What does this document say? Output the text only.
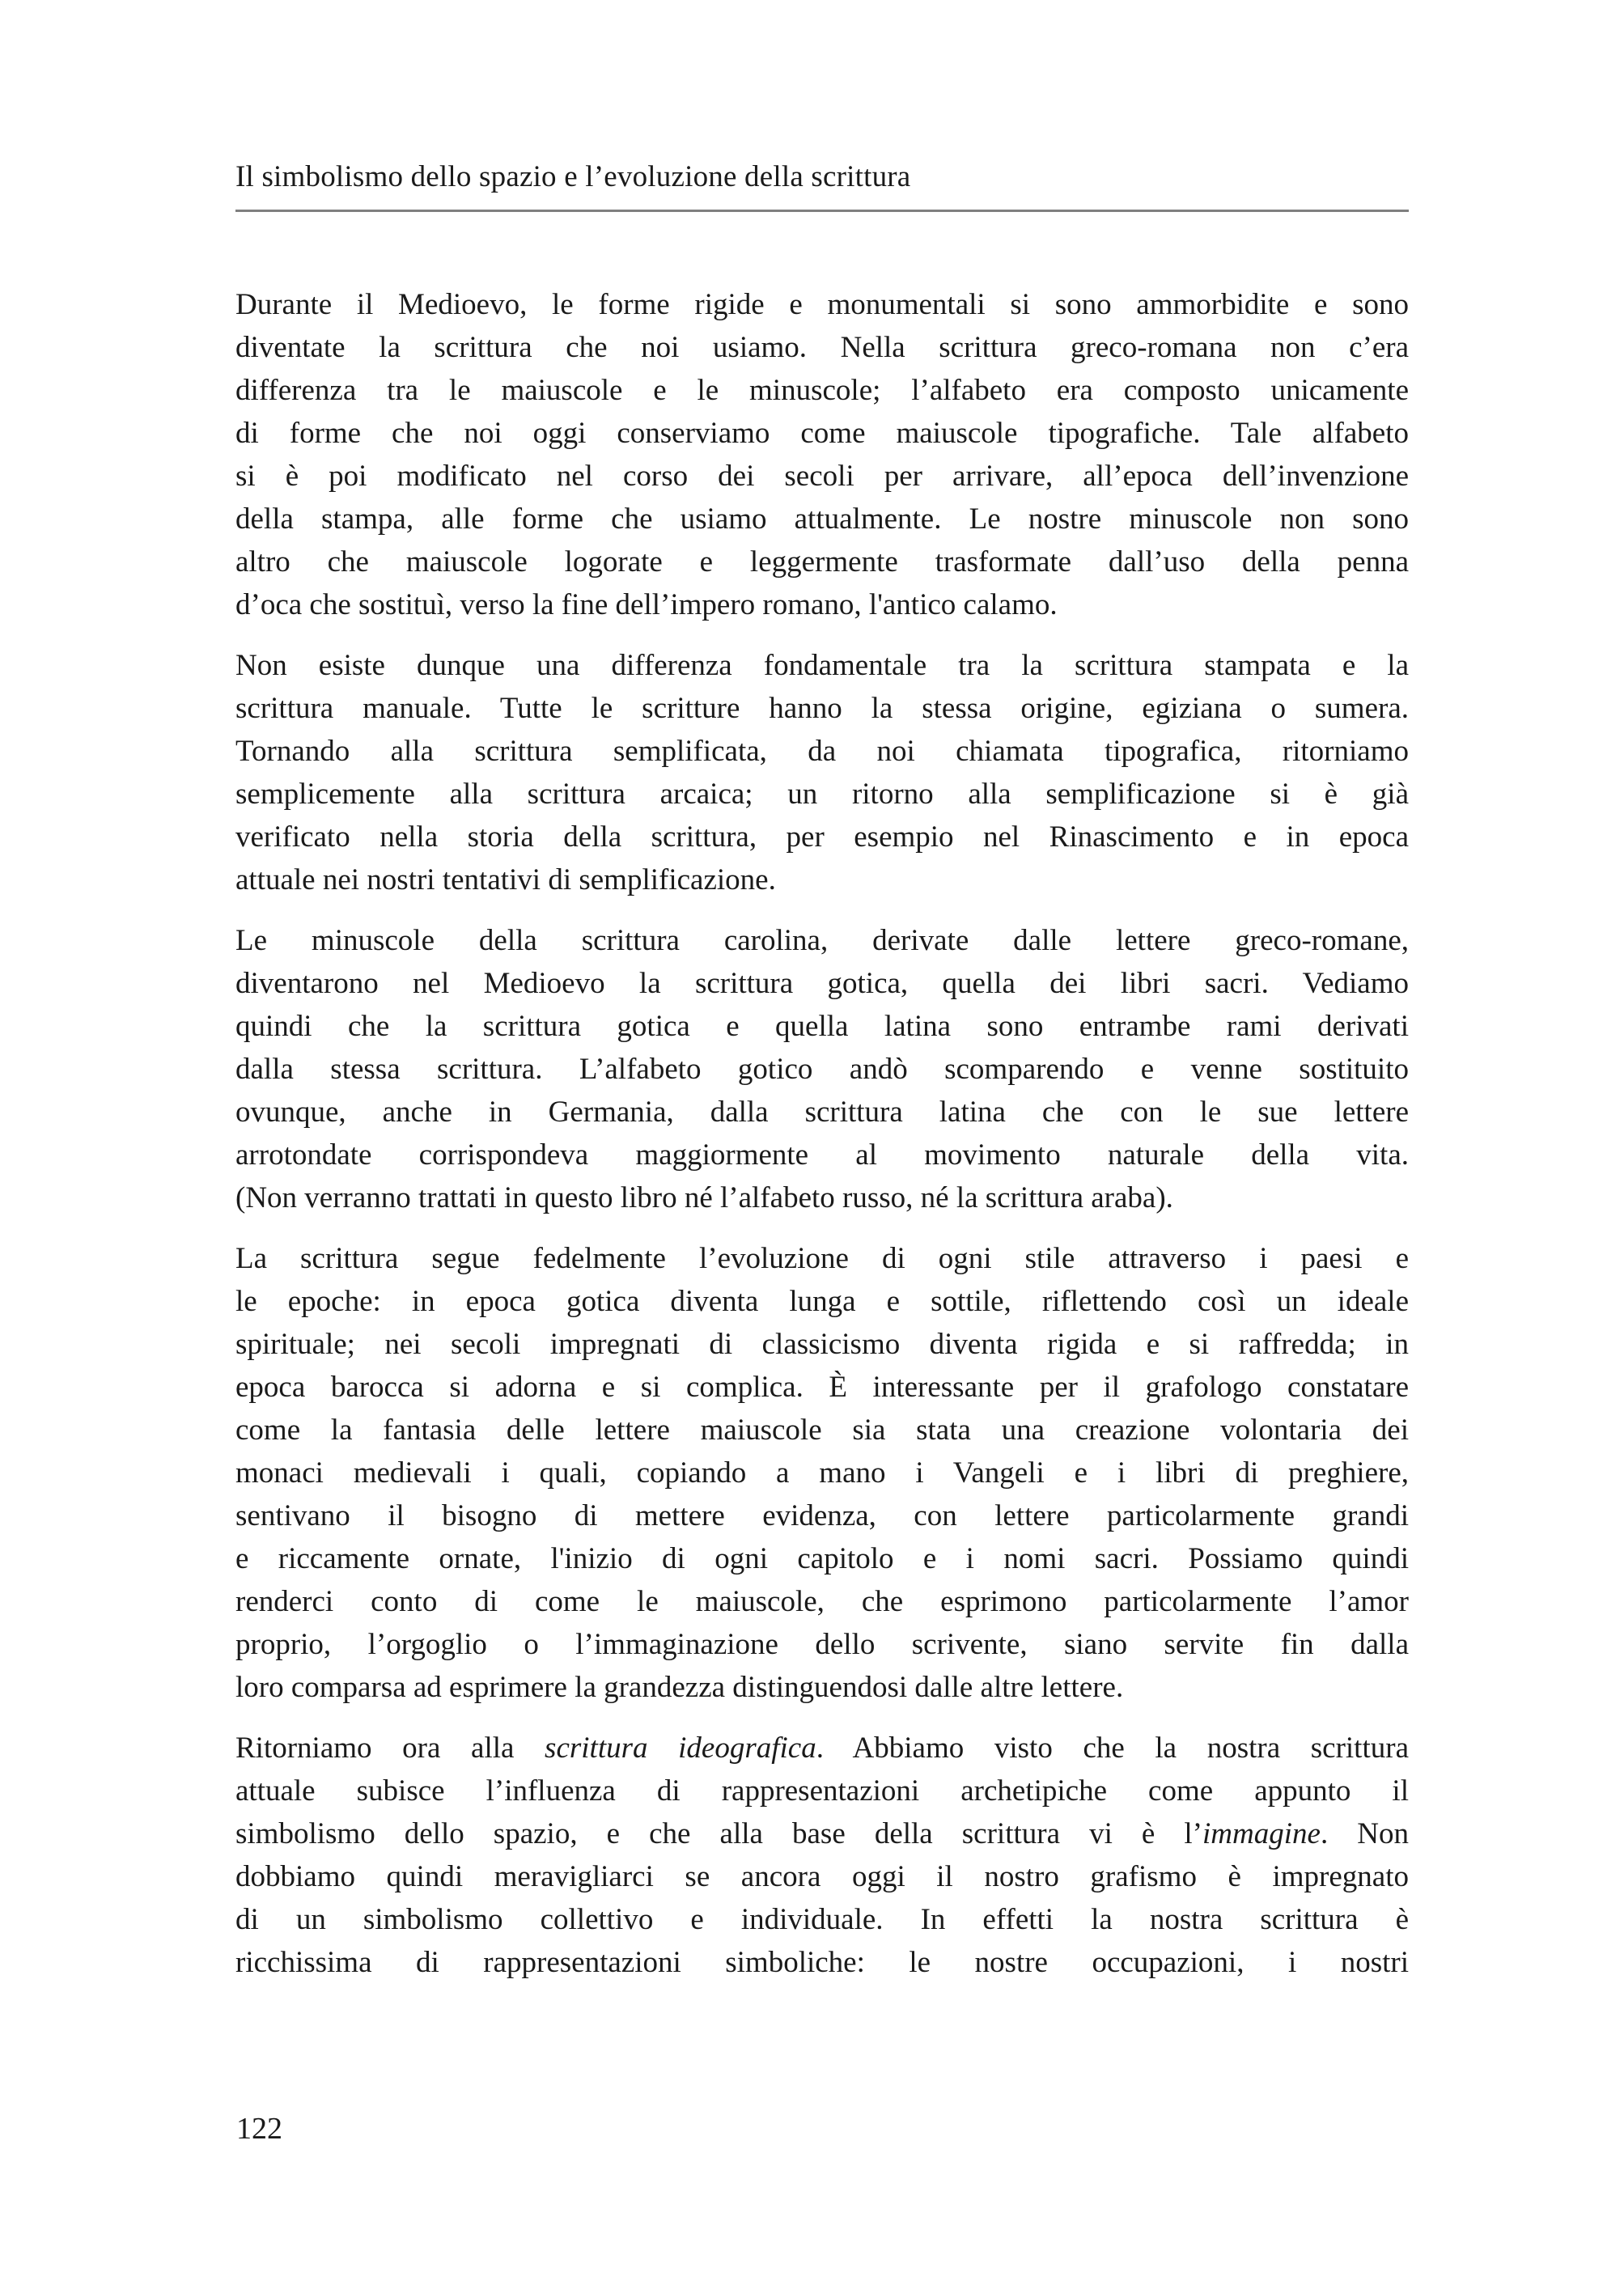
Il simbolismo dello spazio e l’evoluzione della scrittura

Durante il Medioevo, le forme rigide e monumentali si sono ammorbidite e sono
diventate la scrittura che noi usiamo. Nella scrittura greco-romana non c’era
differenza tra le maiuscole e le minuscole; l’alfabeto era composto unicamente
di forme che noi oggi conserviamo come maiuscole tipografiche. Tale alfabeto
si è poi modificato nel corso dei secoli per arrivare, all’epoca dell’invenzione
della stampa, alle forme che usiamo attualmente. Le nostre minuscole non sono
altro che maiuscole logorate e leggermente trasformate dall’uso della penna
d’oca che sostituì, verso la fine dell’impero romano, l'antico calamo.

Non esiste dunque una differenza fondamentale tra la scrittura stampata e la
scrittura manuale. Tutte le scritture hanno la stessa origine, egiziana o sumera.
Tornando alla scrittura semplificata, da noi chiamata tipografica, ritorniamo
semplicemente alla scrittura arcaica; un ritorno alla semplificazione si è già
verificato nella storia della scrittura, per esempio nel Rinascimento e in epoca
attuale nei nostri tentativi di semplificazione.

Le minuscole della scrittura carolina, derivate dalle lettere greco-romane,
diventarono nel Medioevo la scrittura gotica, quella dei libri sacri. Vediamo
quindi che la scrittura gotica e quella latina sono entrambe rami derivati
dalla stessa scrittura. L’alfabeto gotico andò scomparendo e venne sostituito
ovunque, anche in Germania, dalla scrittura latina che con le sue lettere
arrotondate corrispondeva maggiormente al movimento naturale della vita.
(Non verranno trattati in questo libro né l’alfabeto russo, né la scrittura araba).

La scrittura segue fedelmente l’evoluzione di ogni stile attraverso i paesi e
le epoche: in epoca gotica diventa lunga e sottile, riflettendo così un ideale
spirituale; nei secoli impregnati di classicismo diventa rigida e si raffredda; in
epoca barocca si adorna e si complica. È interessante per il grafologo constatare
come la fantasia delle lettere maiuscole sia stata una creazione volontaria dei
monaci medievali i quali, copiando a mano i Vangeli e i libri di preghiere,
sentivano il bisogno di mettere evidenza, con lettere particolarmente grandi
e riccamente ornate, l'inizio di ogni capitolo e i nomi sacri. Possiamo quindi
renderci conto di come le maiuscole, che esprimono particolarmente l’amor
proprio, l’orgoglio o l’immaginazione dello scrivente, siano servite fin dalla
loro comparsa ad esprimere la grandezza distinguendosi dalle altre lettere.

Ritorniamo ora alla scrittura ideografica. Abbiamo visto che la nostra scrittura
attuale subisce l’influenza di rappresentazioni archetipiche come appunto il
simbolismo dello spazio, e che alla base della scrittura vi è l’immagine. Non
dobbiamo quindi meravigliarci se ancora oggi il nostro grafismo è impregnato
di un simbolismo collettivo e individuale. In effetti la nostra scrittura è
ricchissima di rappresentazioni simboliche: le nostre occupazioni, i nostri

122
